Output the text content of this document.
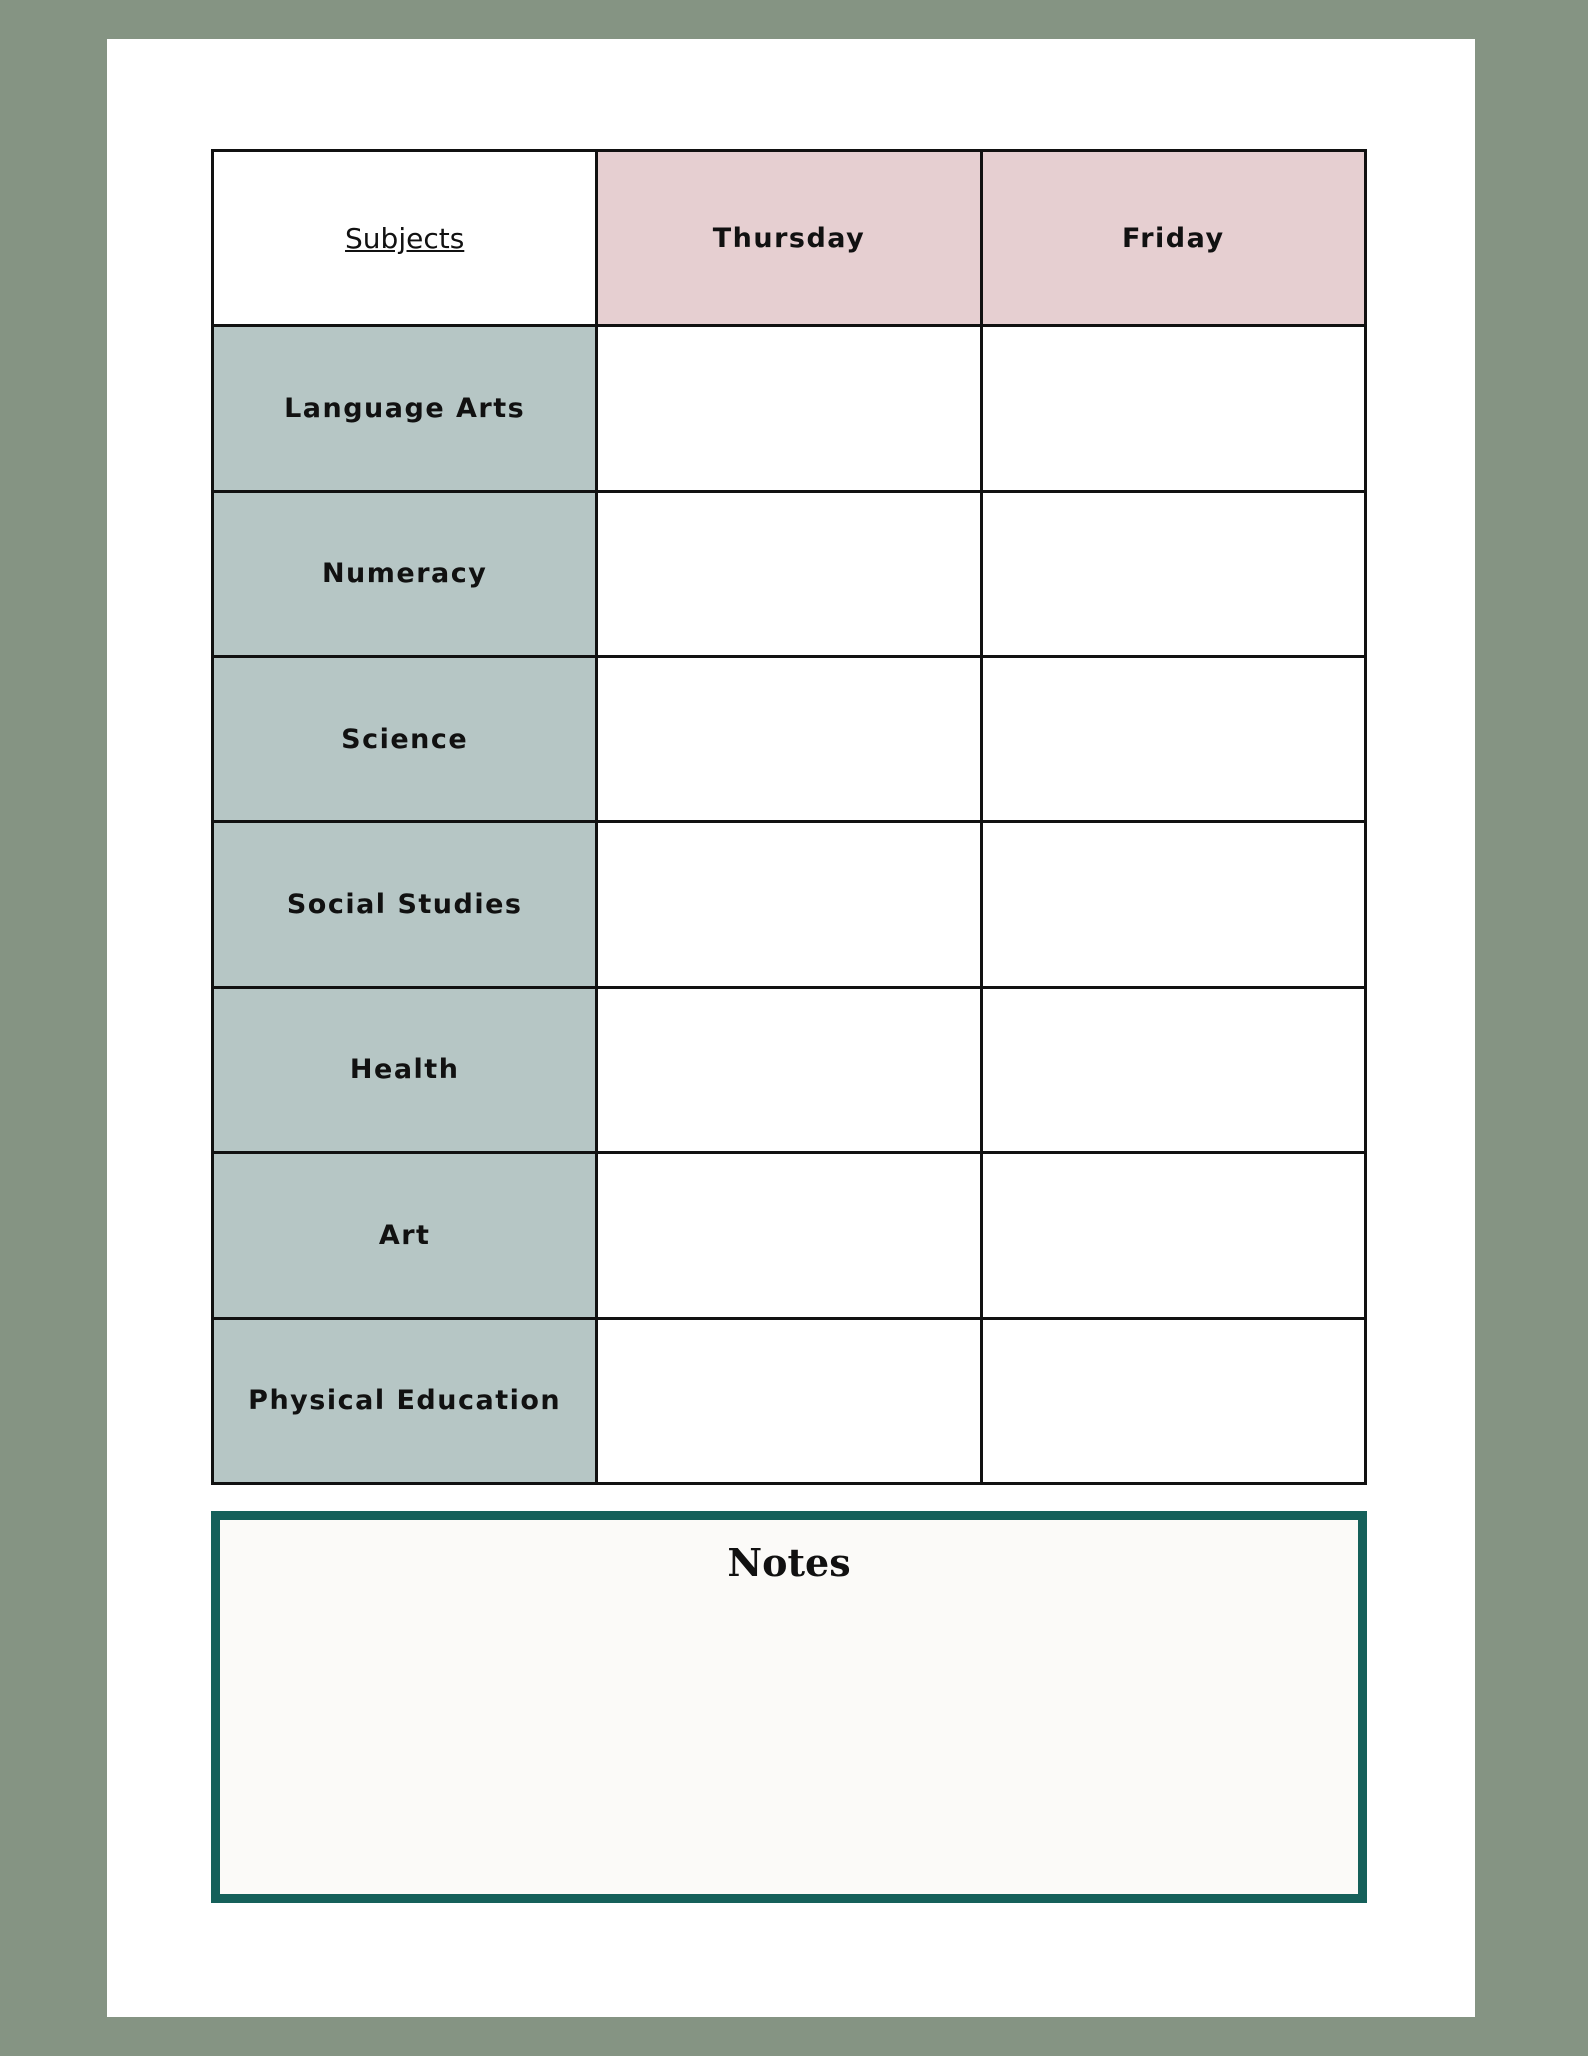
Subjects	Thursday	Friday
Language Arts		
Numeracy		
Science		
Social Studies		
Health		
Art		
Physical Education		
Notes
